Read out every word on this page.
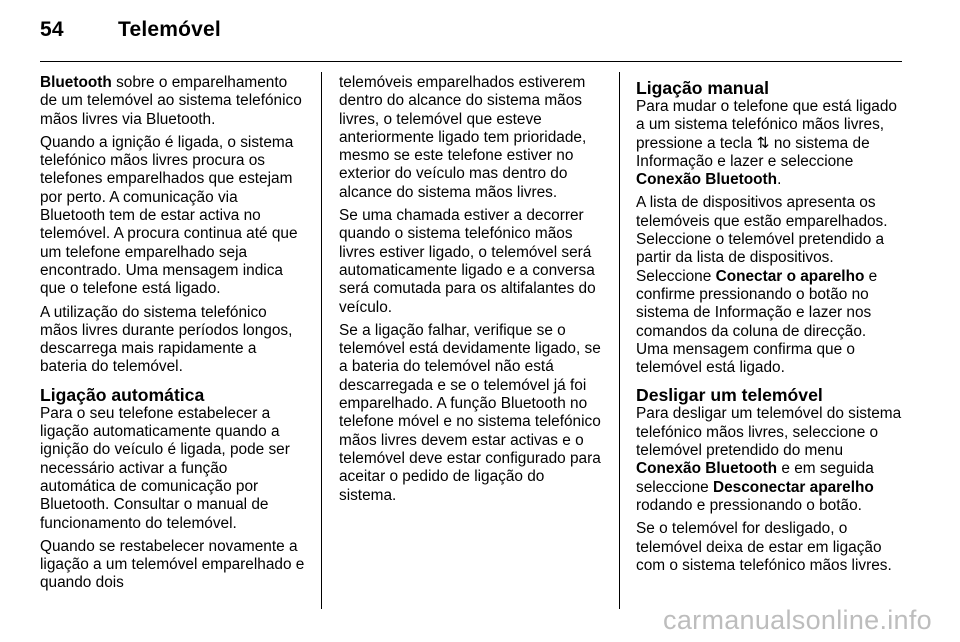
54	Telemóvel

Bluetooth sobre o emparelhamento de um telemóvel ao sistema telefónico mãos livres via Bluetooth.

Quando a ignição é ligada, o sistema telefónico mãos livres procura os telefones emparelhados que estejam por perto. A comunicação via Bluetooth tem de estar activa no telemóvel. A procura continua até que um telefone emparelhado seja encontrado. Uma mensagem indica que o telefone está ligado.

A utilização do sistema telefónico mãos livres durante períodos longos, descarrega mais rapidamente a bateria do telemóvel.

Ligação automática

Para o seu telefone estabelecer a ligação automaticamente quando a ignição do veículo é ligada, pode ser necessário activar a função automática de comunicação por Bluetooth. Consultar o manual de funcionamento do telemóvel.

Quando se restabelecer novamente a ligação a um telemóvel emparelhado e quando dois

telemóveis emparelhados estiverem dentro do alcance do sistema mãos livres, o telemóvel que esteve anteriormente ligado tem prioridade, mesmo se este telefone estiver no exterior do veículo mas dentro do alcance do sistema mãos livres.

Se uma chamada estiver a decorrer quando o sistema telefónico mãos livres estiver ligado, o telemóvel será automaticamente ligado e a conversa será comutada para os altifalantes do veículo.

Se a ligação falhar, verifique se o telemóvel está devidamente ligado, se a bateria do telemóvel não está descarregada e se o telemóvel já foi emparelhado. A função Bluetooth no telefone móvel e no sistema telefónico mãos livres devem estar activas e o telemóvel deve estar configurado para aceitar o pedido de ligação do sistema.

Ligação manual

Para mudar o telefone que está ligado a um sistema telefónico mãos livres, pressione a tecla ⇅ no sistema de Informação e lazer e seleccione Conexão Bluetooth.

A lista de dispositivos apresenta os telemóveis que estão emparelhados. Seleccione o telemóvel pretendido a partir da lista de dispositivos. Seleccione Conectar o aparelho e confirme pressionando o botão no sistema de Informação e lazer nos comandos da coluna de direcção. Uma mensagem confirma que o telemóvel está ligado.

Desligar um telemóvel

Para desligar um telemóvel do sistema telefónico mãos livres, seleccione o telemóvel pretendido do menu Conexão Bluetooth e em seguida seleccione Desconectar aparelho rodando e pressionando o botão.

Se o telemóvel for desligado, o telemóvel deixa de estar em ligação com o sistema telefónico mãos livres.

carmanualsonline.info
